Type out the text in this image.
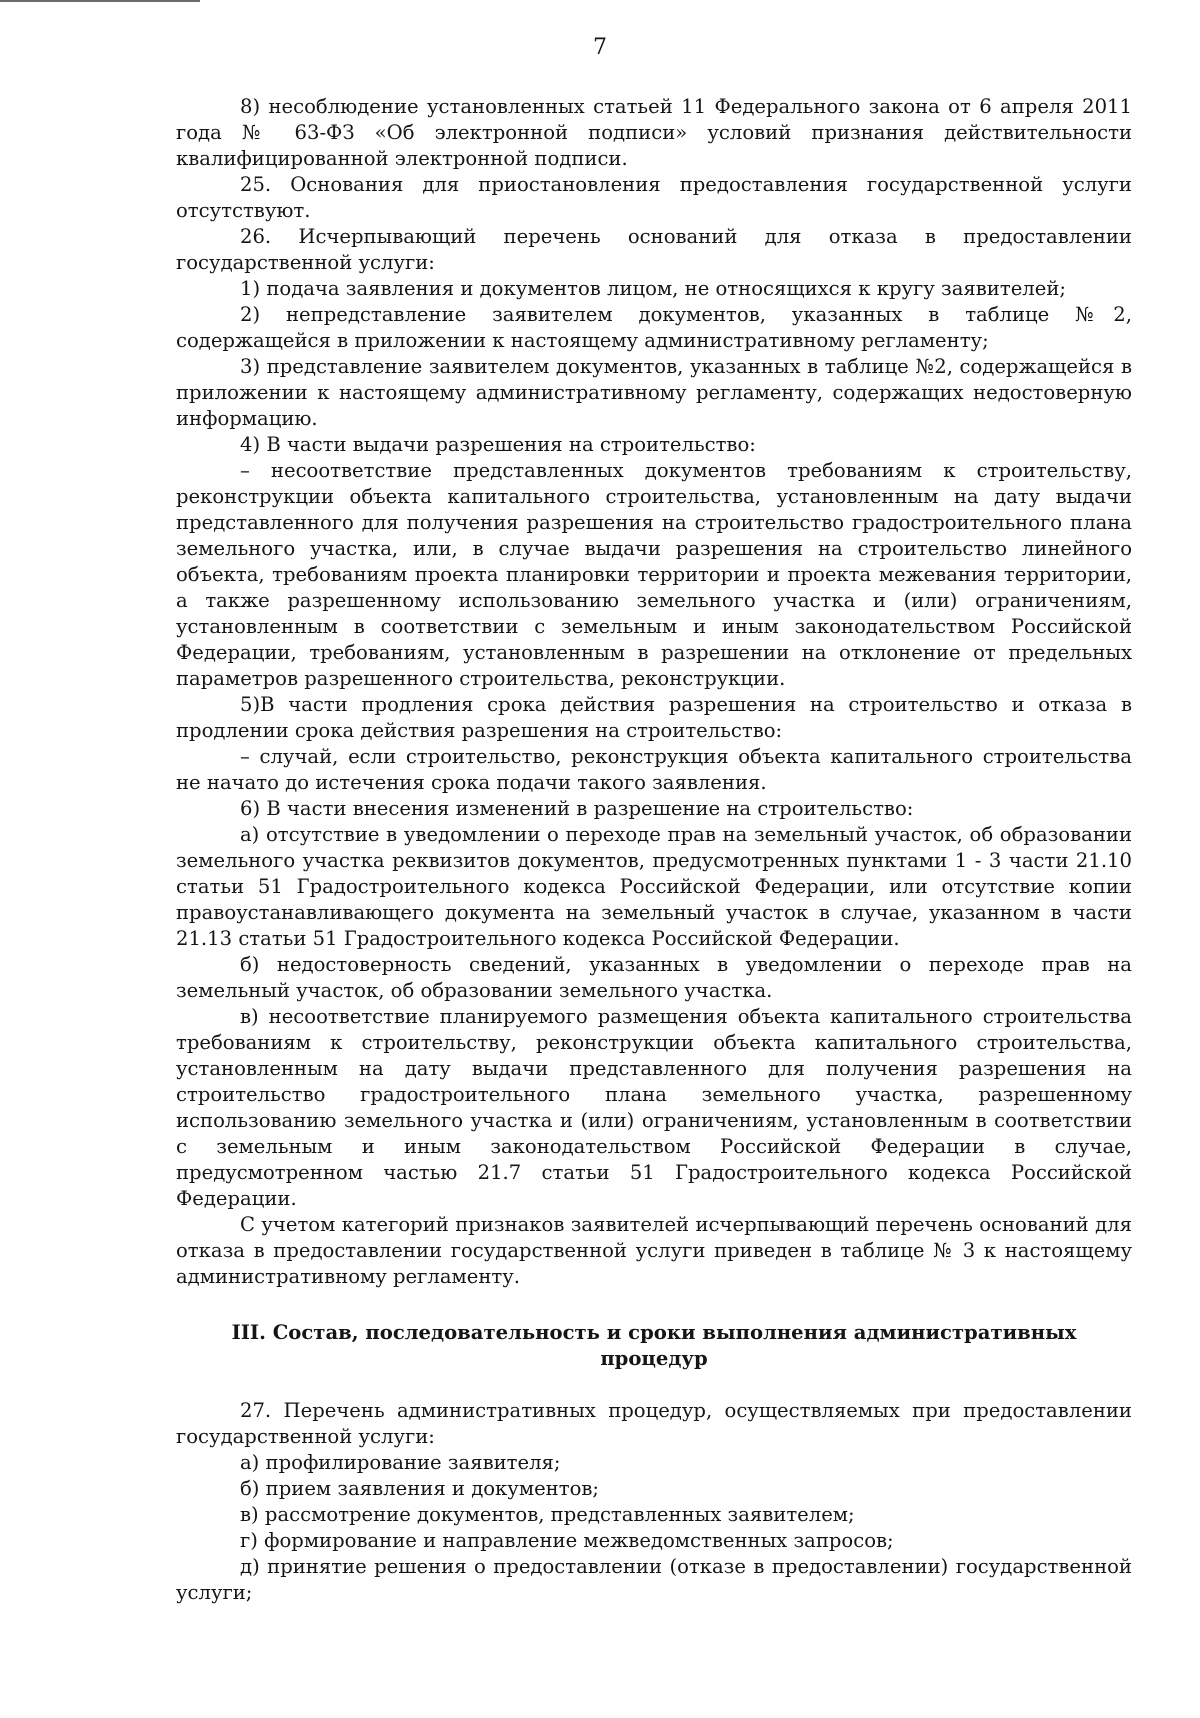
7

8) несоблюдение установленных статьей 11 Федерального закона от 6 апреля 2011 года № 63-ФЗ «Об электронной подписи» условий признания действительности квалифицированной электронной подписи.

25. Основания для приостановления предоставления государственной услуги отсутствуют.

26. Исчерпывающий перечень оснований для отказа в предоставлении государственной услуги:

1) подача заявления и документов лицом, не относящихся к кругу заявителей;

2) непредставление заявителем документов, указанных в таблице №2, содержащейся в приложении к настоящему административному регламенту;

3) представление заявителем документов, указанных в таблице №2, содержащейся в приложении к настоящему административному регламенту, содержащих недостоверную информацию.

4) В части выдачи разрешения на строительство:

– несоответствие представленных документов требованиям к строительству, реконструкции объекта капитального строительства, установленным на дату выдачи представленного для получения разрешения на строительство градостроительного плана земельного участка, или, в случае выдачи разрешения на строительство линейного объекта, требованиям проекта планировки территории и проекта межевания территории, а также разрешенному использованию земельного участка и (или) ограничениям, установленным в соответствии с земельным и иным законодательством Российской Федерации, требованиям, установленным в разрешении на отклонение от предельных параметров разрешенного строительства, реконструкции.

5)В части продления срока действия разрешения на строительство и отказа в продлении срока действия разрешения на строительство:

– случай, если строительство, реконструкция объекта капитального строительства не начато до истечения срока подачи такого заявления.

6) В части внесения изменений в разрешение на строительство:

а) отсутствие в уведомлении о переходе прав на земельный участок, об образовании земельного участка реквизитов документов, предусмотренных пунктами 1 - 3 части 21.10 статьи 51 Градостроительного кодекса Российской Федерации, или отсутствие копии правоустанавливающего документа на земельный участок в случае, указанном в части 21.13 статьи 51 Градостроительного кодекса Российской Федерации.

б) недостоверность сведений, указанных в уведомлении о переходе прав на земельный участок, об образовании земельного участка.

в) несоответствие планируемого размещения объекта капитального строительства требованиям к строительству, реконструкции объекта капитального строительства, установленным на дату выдачи представленного для получения разрешения на строительство градостроительного плана земельного участка, разрешенному использованию земельного участка и (или) ограничениям, установленным в соответствии с земельным и иным законодательством Российской Федерации в случае, предусмотренном частью 21.7 статьи 51 Градостроительного кодекса Российской Федерации.

С учетом категорий признаков заявителей исчерпывающий перечень оснований для отказа в предоставлении государственной услуги приведен в таблице № 3 к настоящему административному регламенту.

III. Состав, последовательность и сроки выполнения административных процедур

27. Перечень административных процедур, осуществляемых при предоставлении государственной услуги:

а) профилирование заявителя;

б) прием заявления и документов;

в) рассмотрение документов, представленных заявителем;

г) формирование и направление межведомственных запросов;

д) принятие решения о предоставлении (отказе в предоставлении) государственной услуги;
